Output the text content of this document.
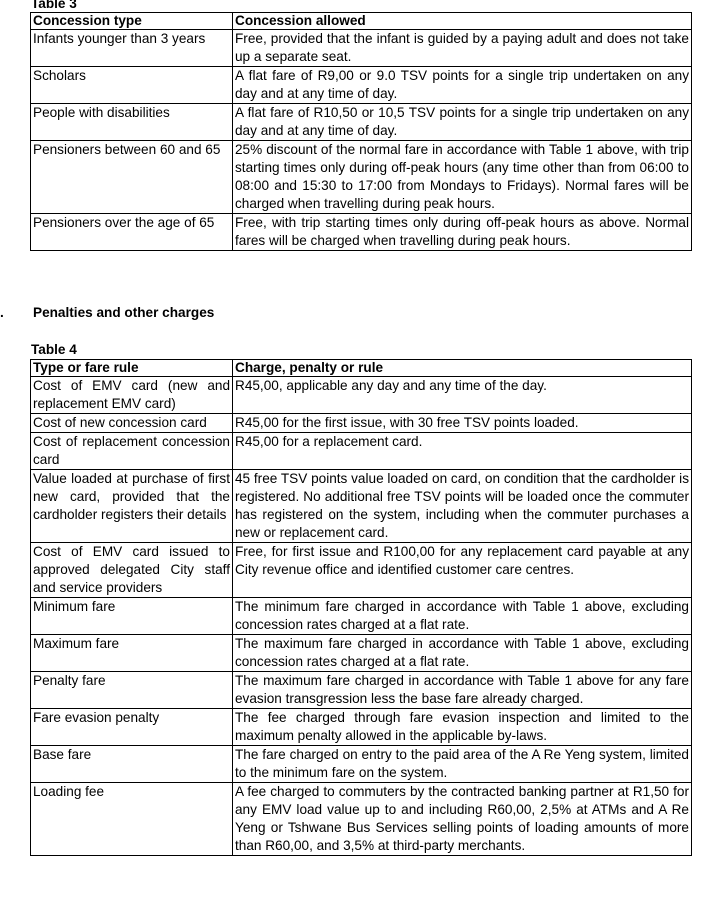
Table 3
Concession type	Concession allowed
Infants younger than 3 years	Free, provided that the infant is guided by a paying adult and does not take up a separate seat.
Scholars	A flat fare of R9,00 or 9.0 TSV points for a single trip undertaken on any day and at any time of day.
People with disabilities	A flat fare of R10,50 or 10,5 TSV points for a single trip undertaken on any day and at any time of day.
Pensioners between 60 and 65	25% discount of the normal fare in accordance with Table 1 above, with trip starting times only during off-peak hours (any time other than from 06:00 to 08:00 and 15:30 to 17:00 from Mondays to Fridays). Normal fares will be charged when travelling during peak hours.
Pensioners over the age of 65	Free, with trip starting times only during off-peak hours as above. Normal fares will be charged when travelling during peak hours.
. Penalties and other charges
Table 4
Type or fare rule	Charge, penalty or rule
Cost of EMV card (new and replacement EMV card)	R45,00, applicable any day and any time of the day.
Cost of new concession card	R45,00 for the first issue, with 30 free TSV points loaded.
Cost of replacement concession card	R45,00 for a replacement card.
Value loaded at purchase of first new card, provided that the cardholder registers their details	45 free TSV points value loaded on card, on condition that the cardholder is registered. No additional free TSV points will be loaded once the commuter has registered on the system, including when the commuter purchases a new or replacement card.
Cost of EMV card issued to approved delegated City staff and service providers	Free, for first issue and R100,00 for any replacement card payable at any City revenue office and identified customer care centres.
Minimum fare	The minimum fare charged in accordance with Table 1 above, excluding concession rates charged at a flat rate.
Maximum fare	The maximum fare charged in accordance with Table 1 above, excluding concession rates charged at a flat rate.
Penalty fare	The maximum fare charged in accordance with Table 1 above for any fare evasion transgression less the base fare already charged.
Fare evasion penalty	The fee charged through fare evasion inspection and limited to the maximum penalty allowed in the applicable by-laws.
Base fare	The fare charged on entry to the paid area of the A Re Yeng system, limited to the minimum fare on the system.
Loading fee	A fee charged to commuters by the contracted banking partner at R1,50 for any EMV load value up to and including R60,00, 2,5% at ATMs and A Re Yeng or Tshwane Bus Services selling points of loading amounts of more than R60,00, and 3,5% at third-party merchants.
